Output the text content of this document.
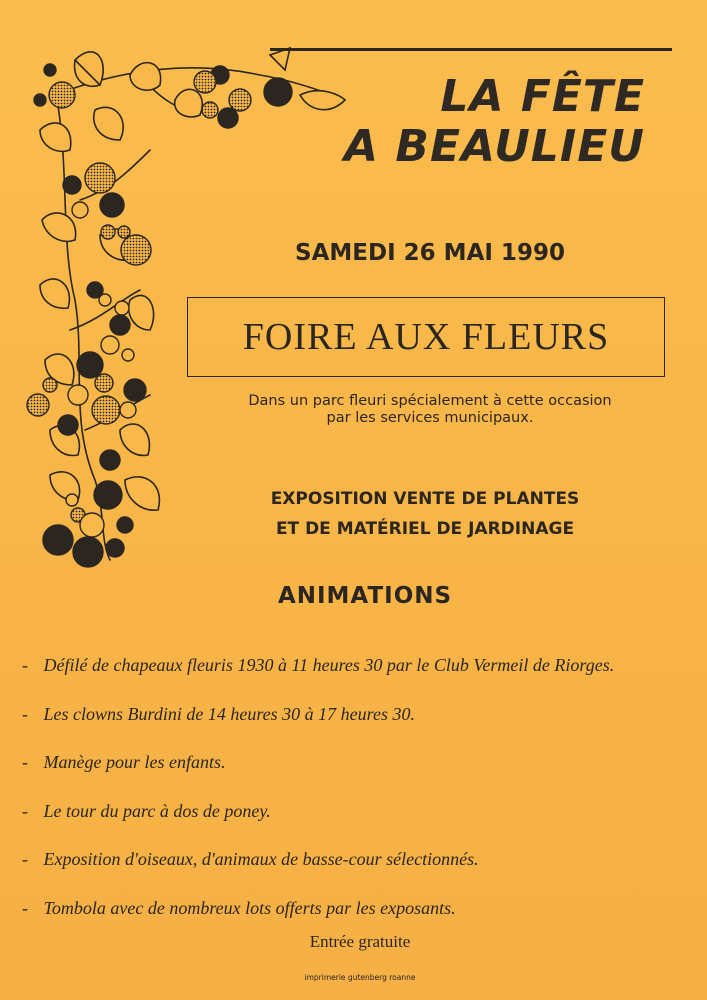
LA FÊTE
A BEAULIEU
SAMEDI 26 MAI 1990
FOIRE AUX FLEURS
Dans un parc fleuri spécialement à cette occasion
par les services municipaux.
EXPOSITION VENTE DE PLANTES
ET DE MATÉRIEL DE JARDINAGE
ANIMATIONS
- Défilé de chapeaux fleuris 1930 à 11 heures 30 par le Club Vermeil de Riorges.
- Les clowns Burdini de 14 heures 30 à 17 heures 30.
- Manège pour les enfants.
- Le tour du parc à dos de poney.
- Exposition d'oiseaux, d'animaux de basse-cour sélectionnés.
- Tombola avec de nombreux lots offerts par les exposants.
Entrée gratuite
imprimerie gutenberg roanne
